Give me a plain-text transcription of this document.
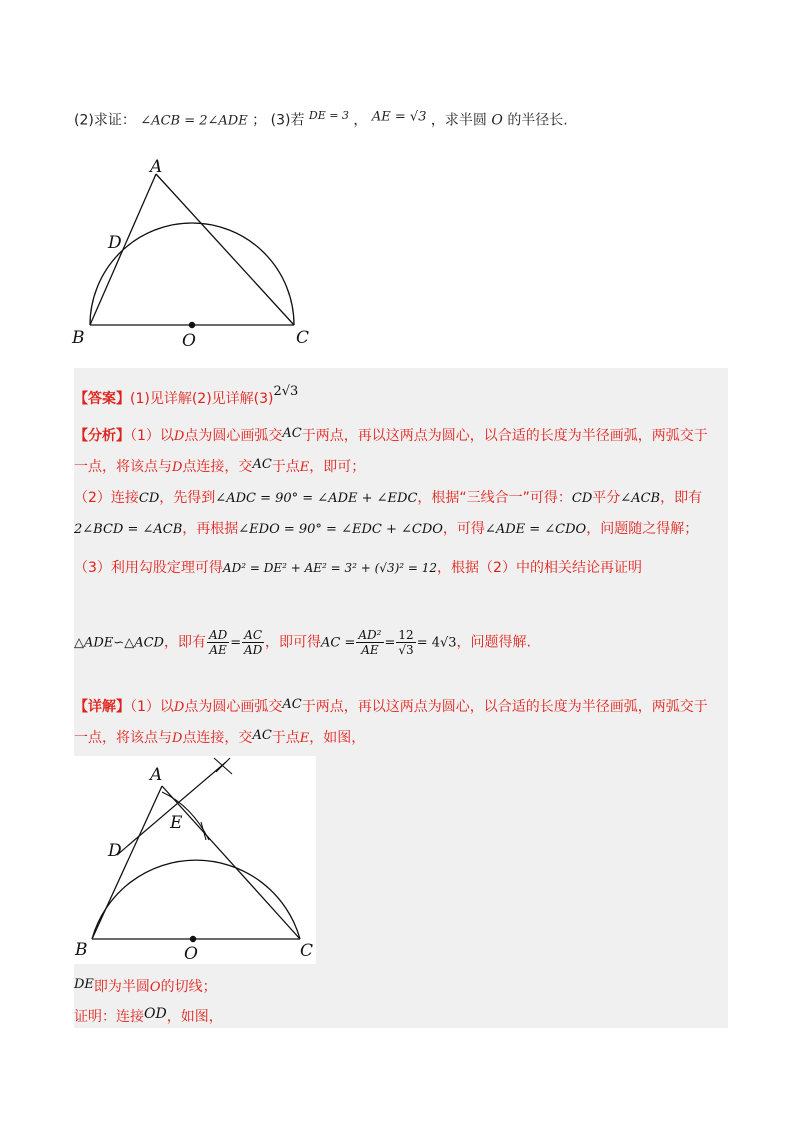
(2)求证： ∠ACB = 2∠ADE ； (3)若 $^{DE = 3}$ ， AE = √3 ，求半圆 O 的半径长.
A
D
B	O	C
【答案】(1)见详解(2)见详解(3)2√3
【分析】（1）以D点为圆心画弧交AC于两点，再以这两点为圆心，以合适的长度为半径画弧，两弧交于
一点，将该点与D点连接，交AC于点E，即可；
（2）连接CD，先得到∠ADC = 90° = ∠ADE + ∠EDC，根据“三线合一”可得：CD平分∠ACB，即有
2∠BCD = ∠ACB，再根据∠EDO = 90° = ∠EDC + ∠CDO，可得∠ADE = ∠CDO，问题随之得解；
（3）利用勾股定理可得AD² = DE² + AE² = 3² + (√3)² = 12，根据（2）中的相关结论再证明
△ADE∽△ACD，即有 $\frac{AD}{AE} = \frac{AC}{AD}$ ，即可得AC = $\frac{\text{AD²}}{AE} = \frac{12}{√3} = 4√3$，问题得解.
【详解】（1）以D点为圆心画弧交AC于两点，再以这两点为圆心，以合适的长度为半径画弧，两弧交于
一点，将该点与D点连接，交AC于点E，如图，
A
E
D
B	O	C
DE即为半圆O的切线；
证明：连接OD，如图，
